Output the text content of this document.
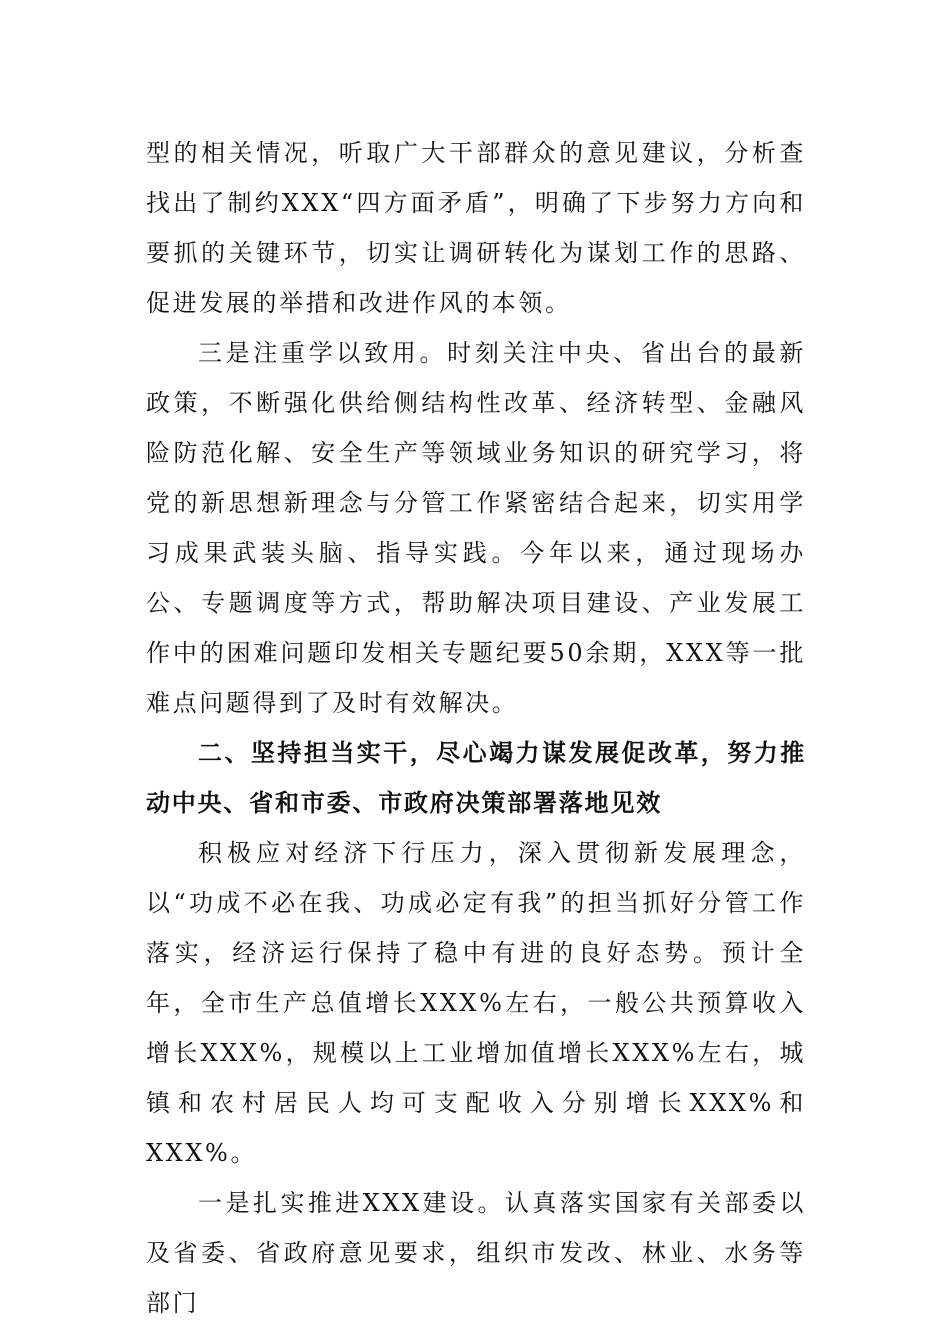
型的相关情况，听取广大干部群众的意见建议，分析查找出了制约XXX“四方面矛盾”，明确了下步努力方向和要抓的关键环节，切实让调研转化为谋划工作的思路、促进发展的举措和改进作风的本领。

三是注重学以致用。时刻关注中央、省出台的最新政策，不断强化供给侧结构性改革、经济转型、金融风险防范化解、安全生产等领域业务知识的研究学习，将党的新思想新理念与分管工作紧密结合起来，切实用学习成果武装头脑、指导实践。今年以来，通过现场办公、专题调度等方式，帮助解决项目建设、产业发展工作中的困难问题印发相关专题纪要50余期，XXX等一批难点问题得到了及时有效解决。

二、坚持担当实干，尽心竭力谋发展促改革，努力推动中央、省和市委、市政府决策部署落地见效

积极应对经济下行压力，深入贯彻新发展理念，以“功成不必在我、功成必定有我”的担当抓好分管工作落实，经济运行保持了稳中有进的良好态势。预计全年，全市生产总值增长XXX%左右，一般公共预算收入增长XXX%，规模以上工业增加值增长XXX%左右，城镇和农村居民人均可支配收入分别增长XXX%和XXX%。

一是扎实推进XXX建设。认真落实国家有关部委以及省委、省政府意见要求，组织市发改、林业、水务等部门
